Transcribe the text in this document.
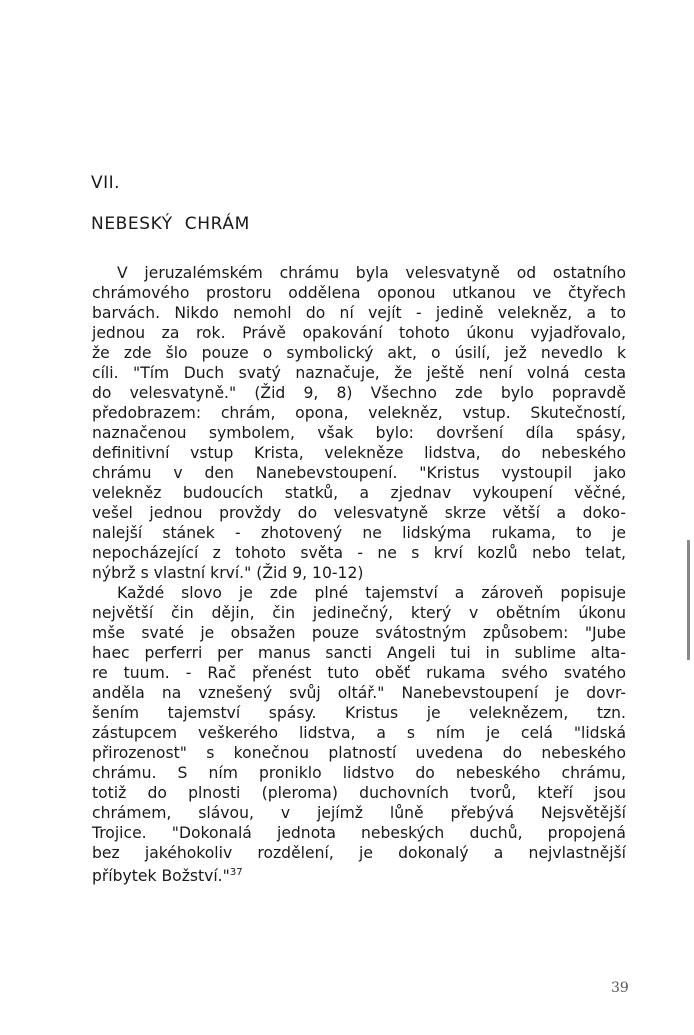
VII.
NEBESKÝ CHRÁM
V jeruzalémském chrámu byla velesvatyně od ostatního
chrámového prostoru oddělena oponou utkanou ve čtyřech
barvách. Nikdo nemohl do ní vejít - jedině velekněz, a to
jednou za rok. Právě opakování tohoto úkonu vyjadřovalo,
že zde šlo pouze o symbolický akt, o úsilí, jež nevedlo k
cíli. "Tím Duch svatý naznačuje, že ještě není volná cesta
do velesvatyně." (Žid 9, 8) Všechno zde bylo popravdě
předobrazem: chrám, opona, velekněz, vstup. Skutečností,
naznačenou symbolem, však bylo: dovršení díla spásy,
definitivní vstup Krista, velekněze lidstva, do nebeského
chrámu v den Nanebevstoupení. "Kristus vystoupil jako
velekněz budoucích statků, a zjednav vykoupení věčné,
vešel jednou provždy do velesvatyně skrze větší a doko-
nalejší stánek - zhotovený ne lidskýma rukama, to je
nepocházející z tohoto světa - ne s krví kozlů nebo telat,
nýbrž s vlastní krví." (Žid 9, 10-12)
Každé slovo je zde plné tajemství a zároveň popisuje
největší čin dějin, čin jedinečný, který v obětním úkonu
mše svaté je obsažen pouze svátostným způsobem: "Jube
haec perferri per manus sancti Angeli tui in sublime alta-
re tuum. - Rač přenést tuto oběť rukama svého svatého
anděla na vznešený svůj oltář." Nanebevstoupení je dovr-
šením tajemství spásy. Kristus je veleknězem, tzn.
zástupcem veškerého lidstva, a s ním je celá "lidská
přirozenost" s konečnou platností uvedena do nebeského
chrámu. S ním proniklo lidstvo do nebeského chrámu,
totiž do plnosti (pleroma) duchovních tvorů, kteří jsou
chrámem, slávou, v jejímž lůně přebývá Nejsvětější
Trojice. "Dokonalá jednota nebeských duchů, propojená
bez jakéhokoliv rozdělení, je dokonalý a nejvlastnější
příbytek Božství."$^{37}$
39
